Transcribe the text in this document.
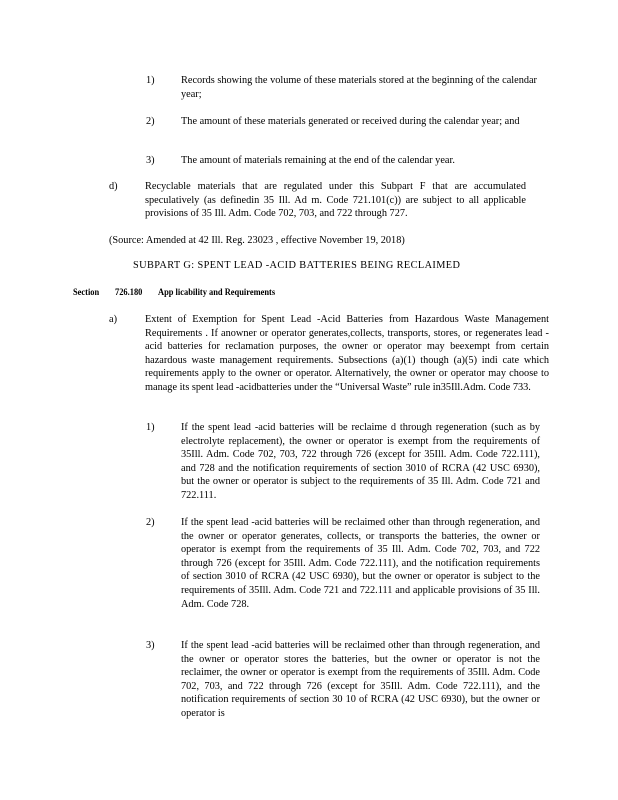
1)	Records showing the volume of these materials stored at the beginning of the calendar year;
2)	The amount of these materials generated or received during the calendar year; and
3)	The amount of materials remaining at the end of the calendar year.
d)	Recyclable materials that are regulated under this Subpart F that are accumulated speculatively (as definedin 35 Ill. Ad m. Code 721.101(c)) are subject to all applicable provisions of 35 Ill. Adm. Code 702, 703, and 722 through 727.
(Source: Amended at 42 Ill. Reg. 23023 , effective November 19, 2018)
SUBPART G: SPENT LEAD -ACID BATTERIES BEING RECLAIMED
Section 726.180 App licability and Requirements
a)	Extent of Exemption for Spent Lead -Acid Batteries from Hazardous Waste Management Requirements . If anowner or operator generates,collects, transports, stores, or regenerates lead -acid batteries for reclamation purposes, the owner or operator may beexempt from certain hazardous waste management requirements. Subsections (a)(1) though (a)(5) indi cate which requirements apply to the owner or operator. Alternatively, the owner or operator may choose to manage its spent lead -acidbatteries under the “Universal Waste” rule in35Ill.Adm. Code 733.
1)	If the spent lead -acid batteries will be reclaime d through regeneration (such as by electrolyte replacement), the owner or operator is exempt from the requirements of 35Ill. Adm. Code 702, 703, 722 through 726 (except for 35Ill. Adm. Code 722.111), and 728 and the notification requirements of section 3010 of RCRA (42 USC 6930), but the owner or operator is subject to the requirements of 35 Ill. Adm. Code 721 and 722.111.
2)	If the spent lead -acid batteries will be reclaimed other than through regeneration, and the owner or operator generates, collects, or transports the batteries, the owner or operator is exempt from the requirements of 35 Ill. Adm. Code 702, 703, and 722 through 726 (except for 35Ill. Adm. Code 722.111), and the notification requirements of section 3010 of RCRA (42 USC 6930), but the owner or operator is subject to the requirements of 35Ill. Adm. Code 721 and 722.111 and applicable provisions of 35 Ill. Adm. Code 728.
3)	If the spent lead -acid batteries will be reclaimed other than through regeneration, and the owner or operator stores the batteries, but the owner or operator is not the reclaimer, the owner or operator is exempt from the requirements of 35Ill. Adm. Code 702, 703, and 722 through 726 (except for 35Ill. Adm. Code 722.111), and the notification requirements of section 30 10 of RCRA (42 USC 6930), but the owner or operator is
